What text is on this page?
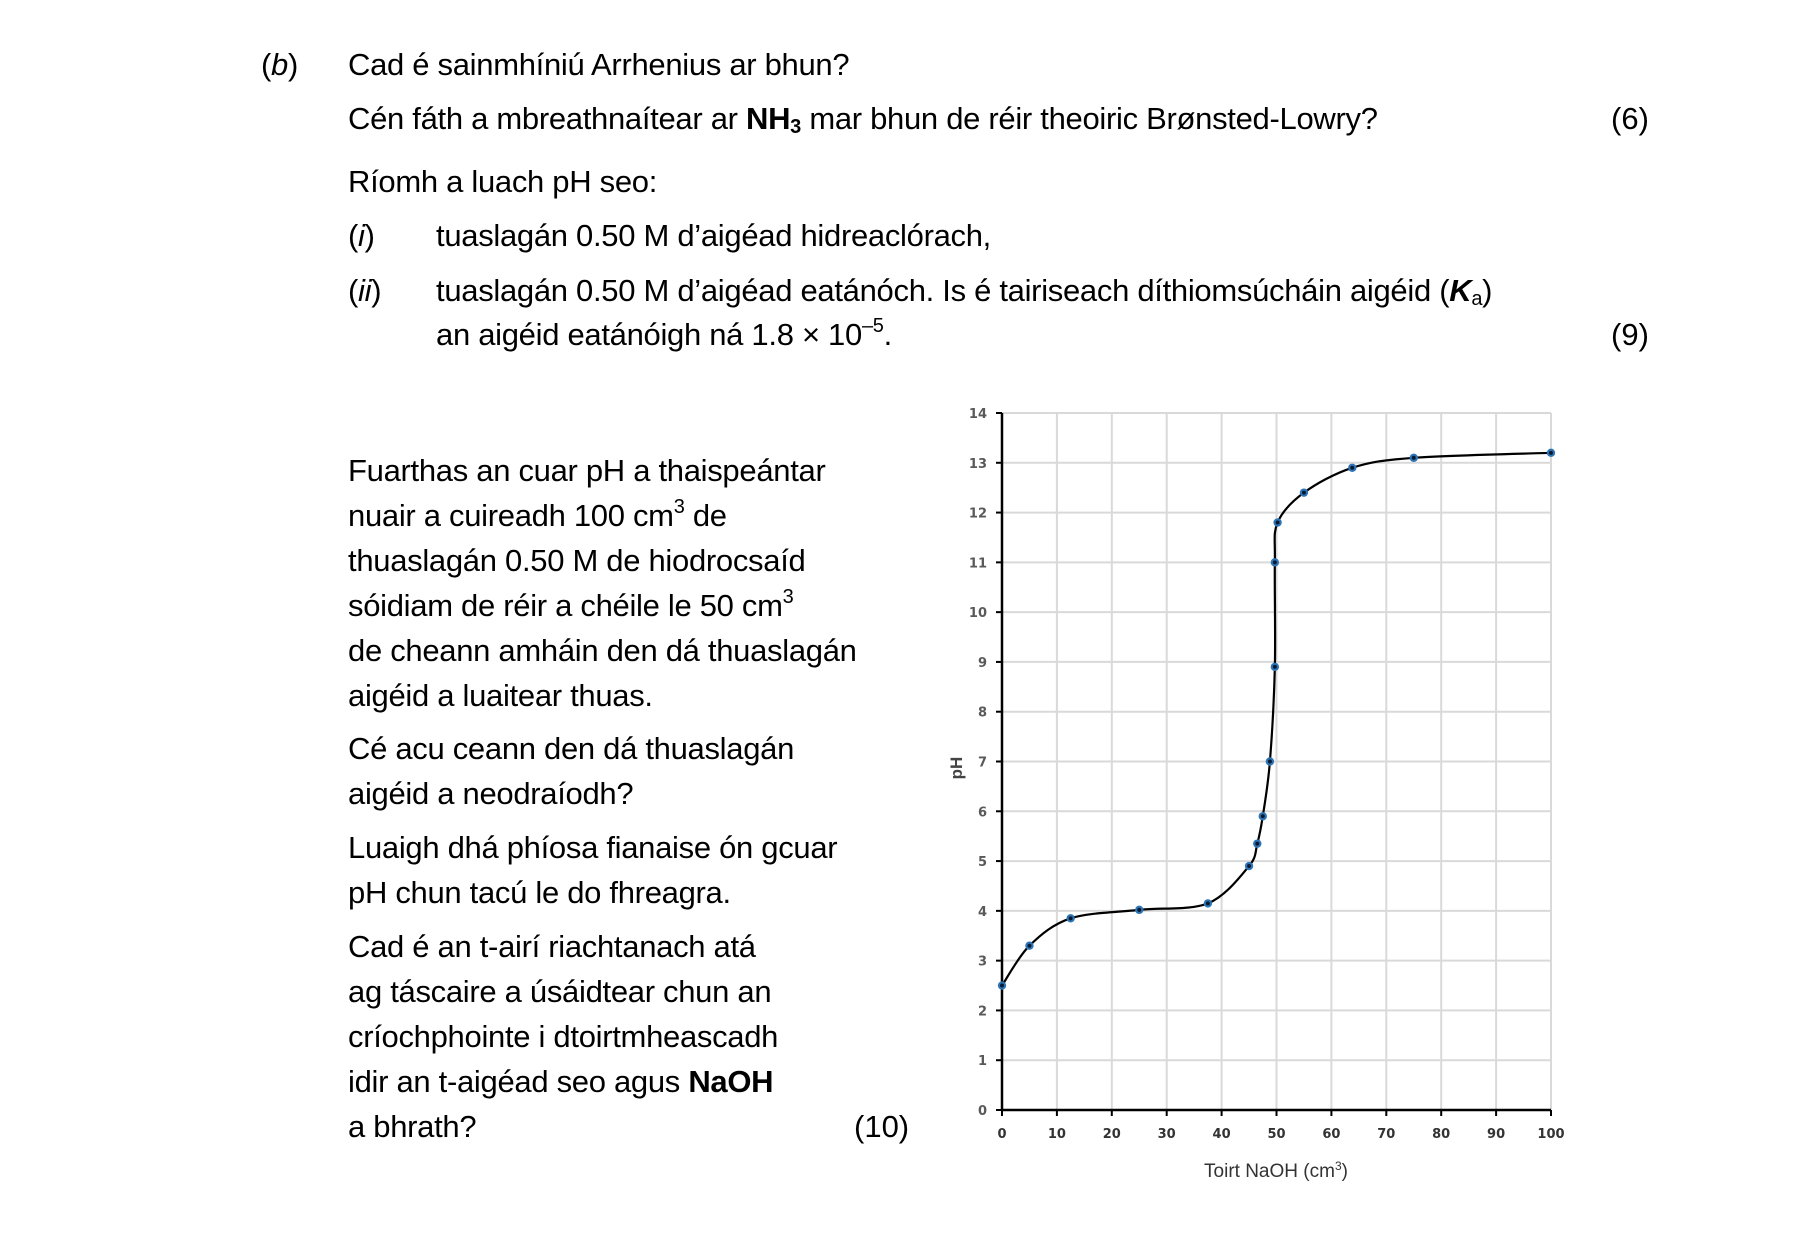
(b) Cad é sainmhíniú Arrhenius ar bhun?
Cén fáth a mbreathnaítear ar $NH_3$ mar bhun de réir theoiric Brønsted-Lowry?	(6)
Ríomh a luach pH seo:
(i) tuaslagán 0.50 M d’aigéad hidreaclórach,
(ii) tuaslagán 0.50 M d’aigéad eatánóch. Is é tairiseach díthiomsúcháin aigéid $(K_a)$
an aigéid eatánóigh ná $1.8 \times 10^{-5}$.	(9)
Fuarthas an cuar pH a thaispeántar
nuair a cuireadh 100 $cm^3$ de
thuaslagán 0.50 M de hiodrocsaíd
sóidiam de réir a chéile le 50 $cm^3$
de cheann amháin den dá thuaslagán
aigéid a luaitear thuas.
Cé acu ceann den dá thuaslagán
aigéid a neodraíodh?
Luaigh dhá phíosa fianaise ón gcuar
pH chun tacú le do fhreagra.
Cad é an t-airí riachtanach atá
ag táscaire a úsáidtear chun an
críochphointe i dtoirtmheascadh
idir an t-aigéad seo agus NaOH
a bhrath?	(10)	0
1
2
3
4
5
6
7
8
9
10
11
12
13
14
0	10	20	30	40	50	60	70	80	90 100
pH
Toirt NaOH $(cm^3)$
